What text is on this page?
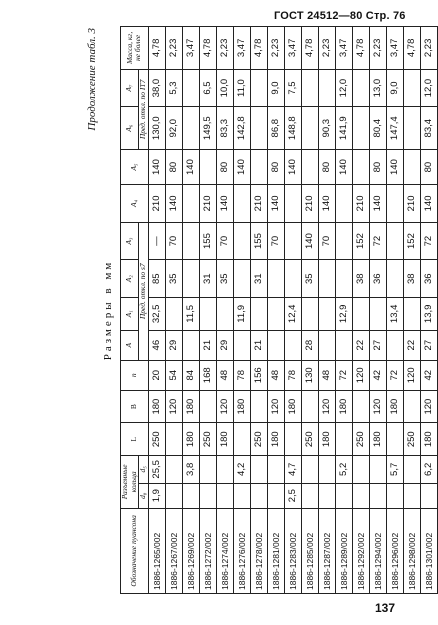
ГОСТ 24512—80 Стр. 76
Продолжение табл. 3
Размеры в мм
Обозначение пуансона	Разъемные кольца		L	B	n	A	A₁	A₂	A₃	A₄	A₅	A₆	A₇	Масса, кг, не более
	d₈	d₅				Пред. откл. по s7						Пред. откл. по IT7		

1886-1265/002	1,9	25,5	250	180	20	46	32,5	85	—	210	140	130,0	38,0	4,78
1886-1267/002				120	54	29		35	70	140	80	92,0	5,3	2,23
1886-1269/002		3,8	180	180	84		11,5				140			3,47
1886-1272/002			250		168	21		31	155	210		149,5	6,5	4,78
1886-1274/002			180	120	48	29		35	70	140	80	83,3	10,0	2,23
1886-1276/002		4,2		180	78		11,9				140	142,8	11,0	3,47
1886-1278/002			250		156	21		31	155	210				4,78
1886-1281/002			180	120	48				70	140	80	86,8	9,0	2,23
1886-1283/002	2,5	4,7		180	78		12,4				140	148,8	7,5	3,47
1886-1285/002			250		130	28		35	140	210				4,78
1886-1287/002			180	120	48				70	140	80	90,3		2,23
1886-1289/002		5,2		180	72		12,9				140	141,9	12,0	3,47
1886-1292/002			250		120	22		38	152	210				4,78
1886-1294/002			180	120	42	27		36	72	140	80	80,4	13,0	2,23
1886-1296/002		5,7		180	72		13,4				140	147,4	9,0	3,47
1886-1298/002			250		120	22		38	152	210				4,78
1886-1301/002		6,2	180	120	42	27	13,9	36	72	140	80	83,4	12,0	2,23
137
